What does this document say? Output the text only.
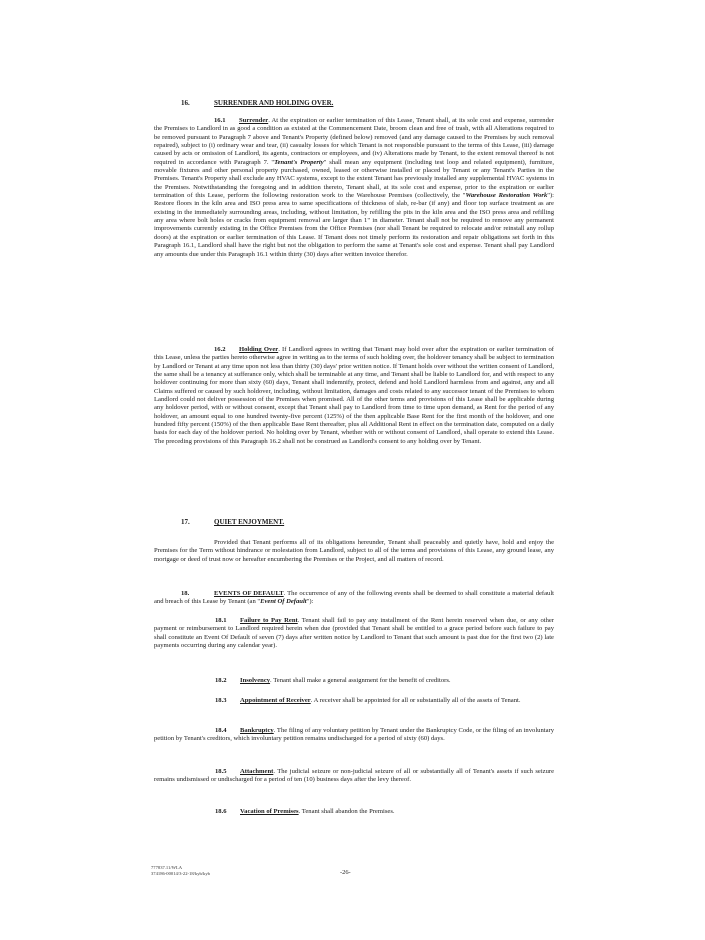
16.	SURRENDER AND HOLDING OVER.
16.1 Surrender. At the expiration or earlier termination of this Lease, Tenant shall, at its sole cost and expense, surrender the Premises to Landlord in as good a condition as existed at the Commencement Date, broom clean and free of trash, with all Alterations required to be removed pursuant to Paragraph 7 above and Tenant's Property (defined below) removed (and any damage caused to the Premises by such removal repaired), subject to (i) ordinary wear and tear, (ii) casualty losses for which Tenant is not responsible pursuant to the terms of this Lease, (iii) damage caused by acts or omission of Landlord, its agents, contractors or employees, and (iv) Alterations made by Tenant, to the extent removal thereof is not required in accordance with Paragraph 7. "Tenant's Property" shall mean any equipment (including test loop and related equipment), furniture, movable fixtures and other personal property purchased, owned, leased or otherwise installed or placed by Tenant or any Tenant's Parties in the Premises. Tenant's Property shall exclude any HVAC systems, except to the extent Tenant has previously installed any supplemental HVAC systems in the Premises. Notwithstanding the foregoing and in addition thereto, Tenant shall, at its sole cost and expense, prior to the expiration or earlier termination of this Lease, perform the following restoration work to the Warehouse Premises (collectively, the "Warehouse Restoration Work"): Restore floors in the kiln area and ISO press area to same specifications of thickness of slab, re-bar (if any) and floor top surface treatment as are existing in the immediately surrounding areas, including, without limitation, by refilling the pits in the kiln area and the ISO press area and refilling any area where bolt holes or cracks from equipment removal are larger than 1" in diameter. Tenant shall not be required to remove any permanent improvements currently existing in the Office Premises from the Office Premises (nor shall Tenant be required to relocate and/or reinstall any rollup doors) at the expiration or earlier termination of this Lease. If Tenant does not timely perform its restoration and repair obligations set forth in this Paragraph 16.1, Landlord shall have the right but not the obligation to perform the same at Tenant's sole cost and expense. Tenant shall pay Landlord any amounts due under this Paragraph 16.1 within thirty (30) days after written invoice therefor.
16.2 Holding Over. If Landlord agrees in writing that Tenant may hold over after the expiration or earlier termination of this Lease, unless the parties hereto otherwise agree in writing as to the terms of such holding over, the holdover tenancy shall be subject to termination by Landlord or Tenant at any time upon not less than thirty (30) days' prior written notice. If Tenant holds over without the written consent of Landlord, the same shall be a tenancy at sufferance only, which shall be terminable at any time, and Tenant shall be liable to Landlord for, and with respect to any holdover continuing for more than sixty (60) days, Tenant shall indemnify, protect, defend and hold Landlord harmless from and against, any and all Claims suffered or caused by such holdover, including, without limitation, damages and costs related to any successor tenant of the Premises to whom Landlord could not deliver possession of the Premises when promised. All of the other terms and provisions of this Lease shall be applicable during any holdover period, with or without consent, except that Tenant shall pay to Landlord from time to time upon demand, as Rent for the period of any holdover, an amount equal to one hundred twenty-five percent (125%) of the then applicable Base Rent for the first month of the holdover, and one hundred fifty percent (150%) of the then applicable Base Rent thereafter, plus all Additional Rent in effect on the termination date, computed on a daily basis for each day of the holdover period. No holding over by Tenant, whether with or without consent of Landlord, shall operate to extend this Lease. The preceding provisions of this Paragraph 16.2 shall not be construed as Landlord's consent to any holding over by Tenant.
17.	QUIET ENJOYMENT.
Provided that Tenant performs all of its obligations hereunder, Tenant shall peaceably and quietly have, hold and enjoy the Premises for the Term without hindrance or molestation from Landlord, subject to all of the terms and provisions of this Lease, any ground lease, any mortgage or deed of trust now or hereafter encumbering the Premises or the Project, and all matters of record.
18.	EVENTS OF DEFAULT. The occurrence of any of the following events shall be deemed to shall constitute a material default and breach of this Lease by Tenant (an "Event Of Default"):
18.1 Failure to Pay Rent. Tenant shall fail to pay any installment of the Rent herein reserved when due, or any other payment or reimbursement to Landlord required herein when due (provided that Tenant shall be entitled to a grace period before such failure to pay shall constitute an Event Of Default of seven (7) days after written notice by Landlord to Tenant that such amount is past due for the first two (2) late payments occurring during any calendar year).
18.2 Insolvency. Tenant shall make a general assignment for the benefit of creditors.
18.3 Appointment of Receiver. A receiver shall be appointed for all or substantially all of the assets of Tenant.
18.4 Bankruptcy. The filing of any voluntary petition by Tenant under the Bankruptcy Code, or the filing of an involuntary petition by Tenant's creditors, which involuntary petition remains undischarged for a period of sixty (60) days.
18.5 Attachment. The judicial seizure or non-judicial seizure of all or substantially all of Tenant's assets if such seizure remains undismissed or undischarged for a period of ten (10) business days after the levy thereof.
18.6 Vacation of Premises. Tenant shall abandon the Premises.
777837.11/WLA
374186-00014/3-22-18/kyb/kyb	-26-
